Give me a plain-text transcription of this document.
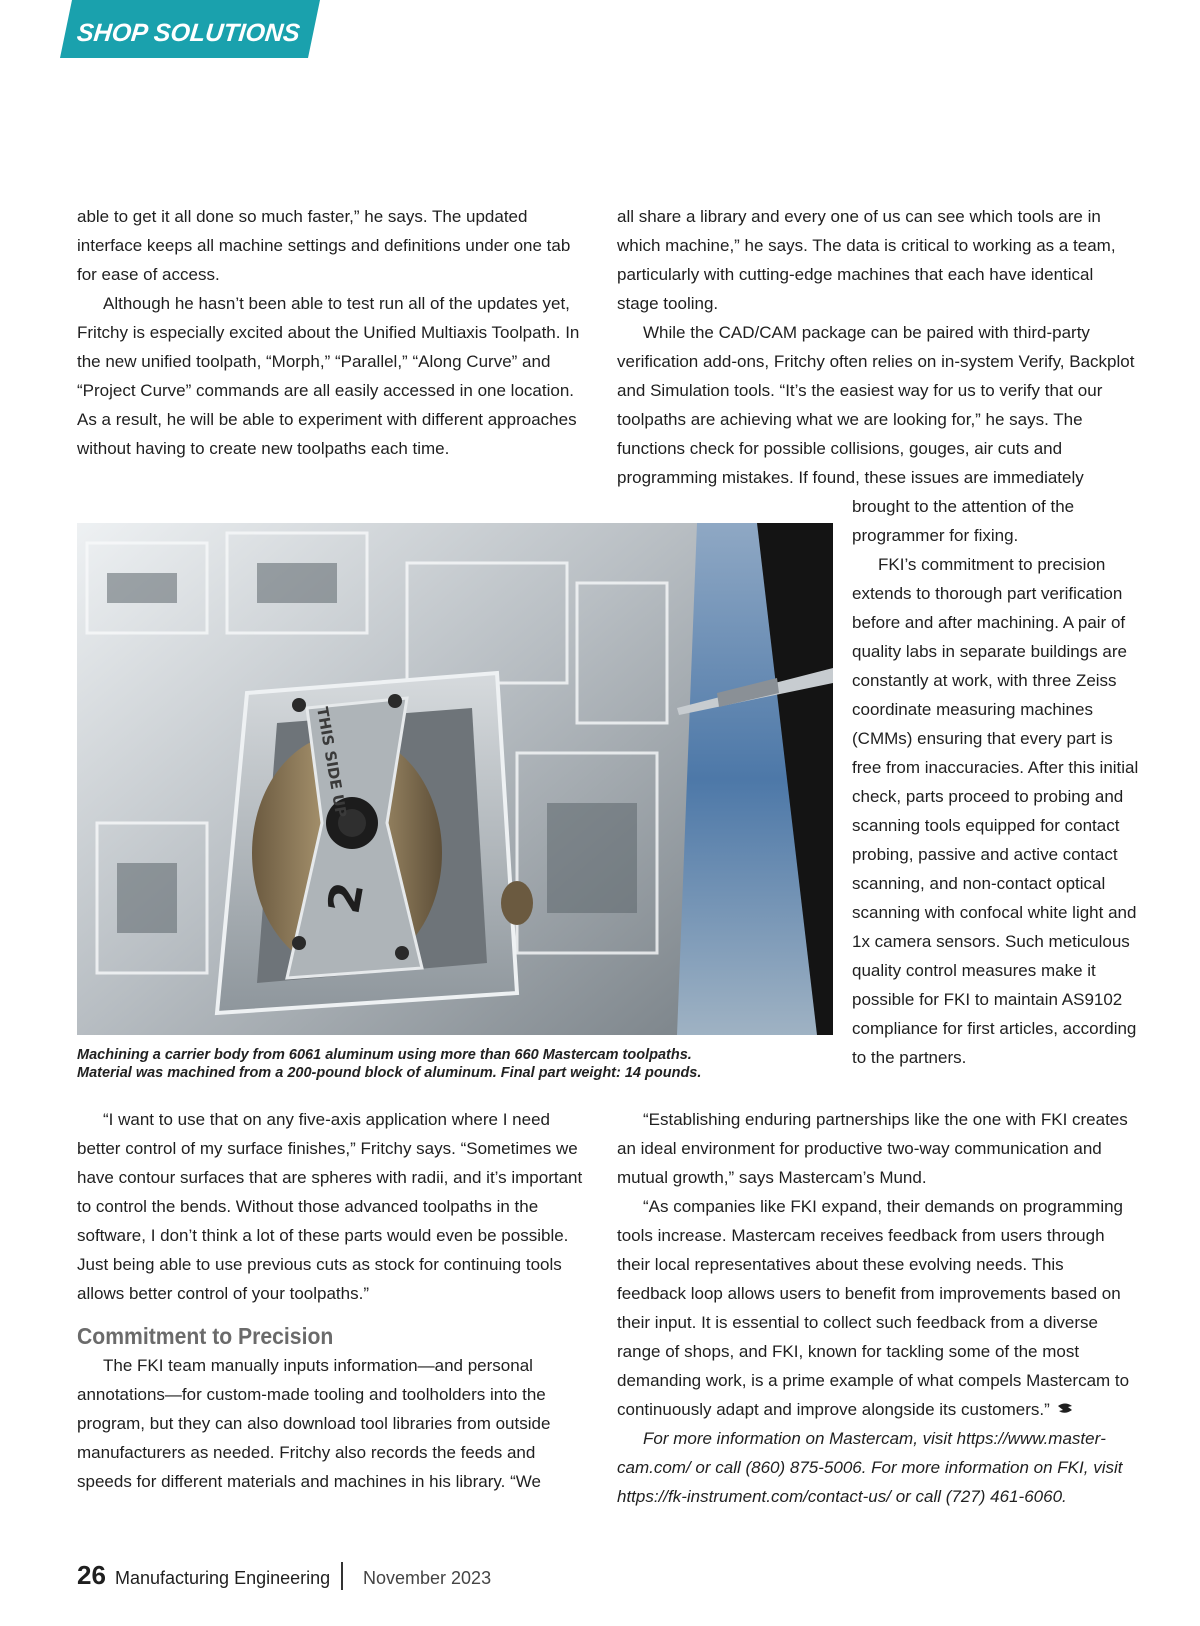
SHOP SOLUTIONS

able to get it all done so much faster,” he says. The updated interface keeps all machine settings and definitions under one tab for ease of access.

Although he hasn’t been able to test run all of the updates yet, Fritchy is especially excited about the Unified Multiaxis Toolpath. In the new unified toolpath, “Morph,” “Parallel,” “Along Curve” and “Project Curve” commands are all easily accessed in one location. As a result, he will be able to experiment with different approaches without having to create new toolpaths each time.

all share a library and every one of us can see which tools are in which machine,” he says. The data is critical to working as a team, particularly with cutting-edge machines that each have identical stage tooling.

While the CAD/CAM package can be paired with third-party verification add-ons, Fritchy often relies on in-system Verify, Backplot and Simulation tools. “It’s the easiest way for us to verify that our toolpaths are achieving what we are looking for,” he says. The functions check for possible collisions, gouges, air cuts and programming mistakes. If found, these issues are immediately

THIS SIDE UP
2
Machining a carrier body from 6061 aluminum using more than 660 Mastercam toolpaths.
Material was machined from a 200-pound block of aluminum. Final part weight: 14 pounds.

brought to the attention of the programmer for fixing.

FKI’s commitment to precision extends to thorough part verification before and after machining. A pair of quality labs in separate buildings are constantly at work, with three Zeiss coordinate measuring machines (CMMs) ensuring that every part is free from inaccuracies. After this initial check, parts proceed to probing and scanning tools equipped for contact probing, passive and active contact scanning, and non-contact optical scanning with confocal white light and 1x camera sensors. Such meticulous quality control measures make it possible for FKI to maintain AS9102 compliance for first articles, according to the partners.

“I want to use that on any five-axis application where I need better control of my surface finishes,” Fritchy says. “Sometimes we have contour surfaces that are spheres with radii, and it’s important to control the bends. Without those advanced toolpaths in the software, I don’t think a lot of these parts would even be possible. Just being able to use previous cuts as stock for continuing tools allows better control of your toolpaths.”

Commitment to Precision

The FKI team manually inputs information—and personal annotations—for custom-made tooling and toolholders into the program, but they can also download tool libraries from outside manufacturers as needed. Fritchy also records the feeds and speeds for different materials and machines in his library. “We

“Establishing enduring partnerships like the one with FKI creates an ideal environment for productive two-way communication and mutual growth,” says Mastercam’s Mund.

“As companies like FKI expand, their demands on programming tools increase. Mastercam receives feedback from users through their local representatives about these evolving needs. This feedback loop allows users to benefit from improvements based on their input. It is essential to collect such feedback from a diverse range of shops, and FKI, known for tackling some of the most demanding work, is a prime example of what compels Mastercam to continuously adapt and improve alongside its customers.”

For more information on Mastercam, visit https://www.mastercam.com/ or call (860) 875-5006. For more information on FKI, visit https://fk-instrument.com/contact-us/ or call (727) 461-6060.

26 Manufacturing Engineering November 2023
